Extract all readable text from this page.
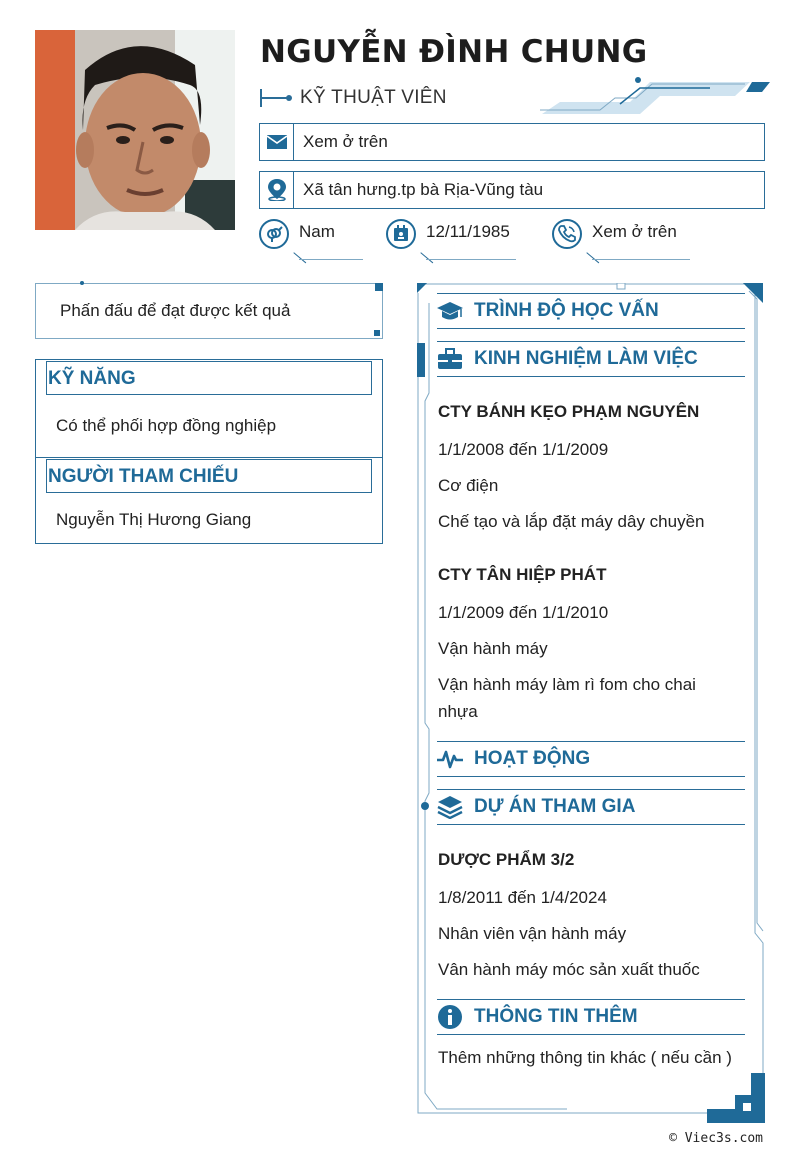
NGUYỄN ĐÌNH CHUNG
KỸ THUẬT VIÊN
Xem ở trên
Xã tân hưng.tp bà Rịa-Vũng tàu
Nam	12/11/1985	Xem ở trên
Phấn đấu để đạt được kết quả
KỸ NĂNG
Có thể phối hợp đồng nghiệp
NGƯỜI THAM CHIẾU
Nguyễn Thị Hương Giang
TRÌNH ĐỘ HỌC VẤN
KINH NGHIỆM LÀM VIỆC
CTY BÁNH KẸO PHẠM NGUYÊN
1/1/2008 đến 1/1/2009
Cơ điện
Chế tạo và lắp đặt máy dây chuyền
CTY TÂN HIỆP PHÁT
1/1/2009 đến 1/1/2010
Vận hành máy
Vận hành máy làm rì fom cho chai nhựa
HOẠT ĐỘNG
DỰ ÁN THAM GIA
DƯỢC PHẨM 3/2
1/8/2011 đến 1/4/2024
Nhân viên vận hành máy
Vân hành máy móc sản xuất thuốc
THÔNG TIN THÊM
Thêm những thông tin khác ( nếu cần )
© Viec3s.com
